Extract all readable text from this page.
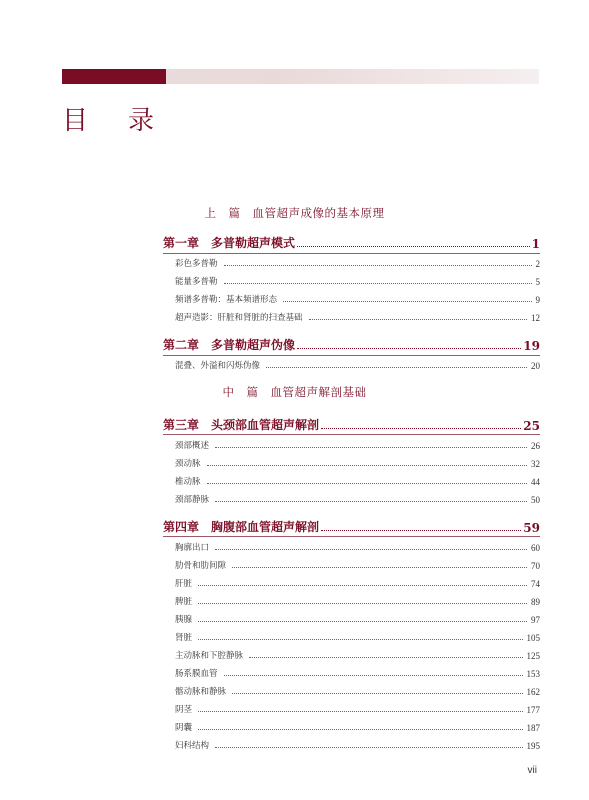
目录
上　篇　血管超声成像的基本原理
中　篇　血管超声解剖基础
第一章　多普勒超声模式	1
彩色多普勒	2
能量多普勒	5
频谱多普勒：基本频谱形态	9
超声造影：肝脏和肾脏的扫查基础	12
第二章　多普勒超声伪像	19
混叠、外溢和闪烁伪像	20
第三章　头颈部血管超声解剖	25
颈部概述	26
颈动脉	32
椎动脉	44
颈部静脉	50
第四章　胸腹部血管超声解剖	59
胸廓出口	60
肋骨和肋间隙	70
肝脏	74
脾脏	89
胰腺	97
肾脏	105
主动脉和下腔静脉	125
肠系膜血管	153
髂动脉和静脉	162
阴茎	177
阴囊	187
妇科结构	195
vii
